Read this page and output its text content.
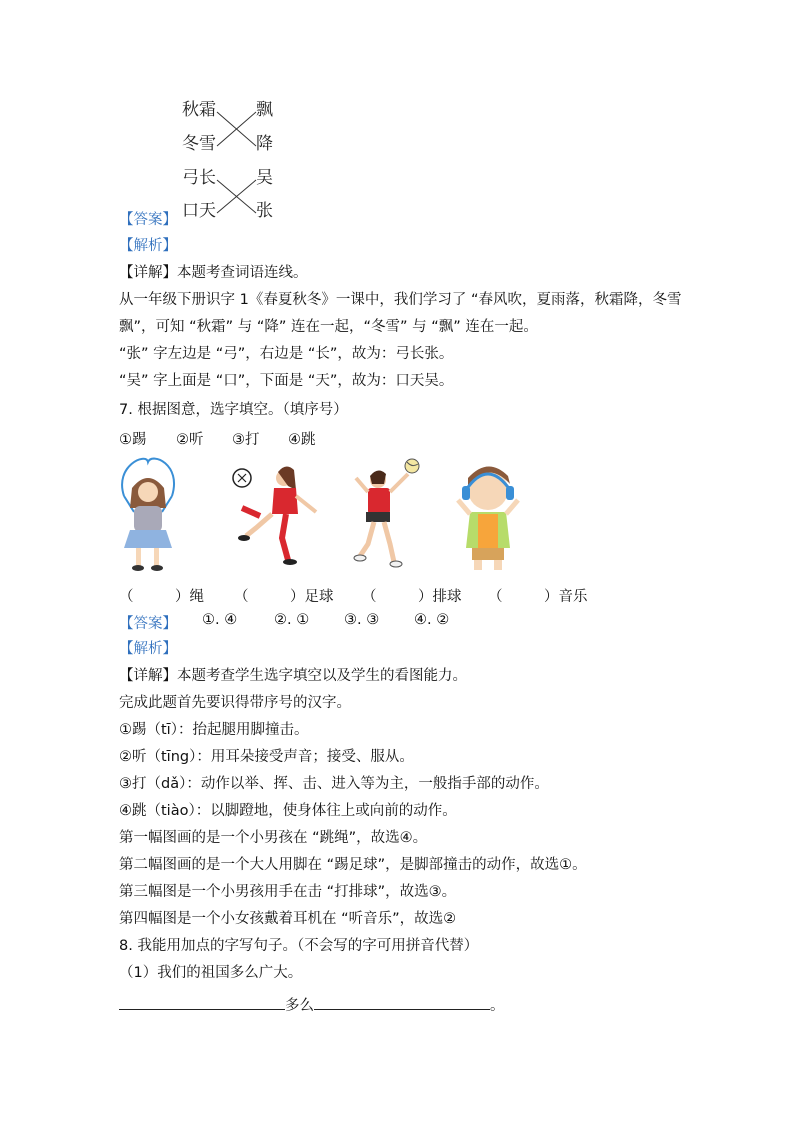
秋霜
冬雪
弓长
口天
飘
降
吴
张
【答案】
【解析】
【详解】本题考查词语连线。
从一年级下册识字 1《春夏秋冬》一课中，我们学习了 “春风吹，夏雨落，秋霜降，冬雪
飘”，可知 “秋霜” 与 “降” 连在一起，“冬雪” 与 “飘” 连在一起。
“张” 字左边是 “弓”，右边是 “长”，故为：弓长张。
“吴” 字上面是 “口”，下面是 “天”，故为：口天吴。
7. 根据图意，选字填空。（填序号）
①踢 ②听 ③打 ④跳
（         ）绳 （         ）足球 （         ）排球 （         ）音乐
【答案】 ①. ④	②. ① ③. ③ ④. ②
【解析】
【详解】本题考查学生选字填空以及学生的看图能力。
完成此题首先要识得带序号的汉字。
①踢（tī）：抬起腿用脚撞击。
②听（tīng）：用耳朵接受声音；接受、服从。
③打（dǎ）：动作以举、挥、击、进入等为主，一般指手部的动作。
④跳（tiào）：以脚蹬地，使身体往上或向前的动作。
第一幅图画的是一个小男孩在 “跳绳”，故选④。
第二幅图画的是一个大人用脚在 “踢足球”，是脚部撞击的动作，故选①。
第三幅图是一个小男孩用手在击 “打排球”，故选③。
第四幅图是一个小女孩戴着耳机在 “听音乐”，故选②
8. 我能用加点的字写句子。（不会写的字可用拼音代替）
（1）我们的祖国多么广大。
多么	。
